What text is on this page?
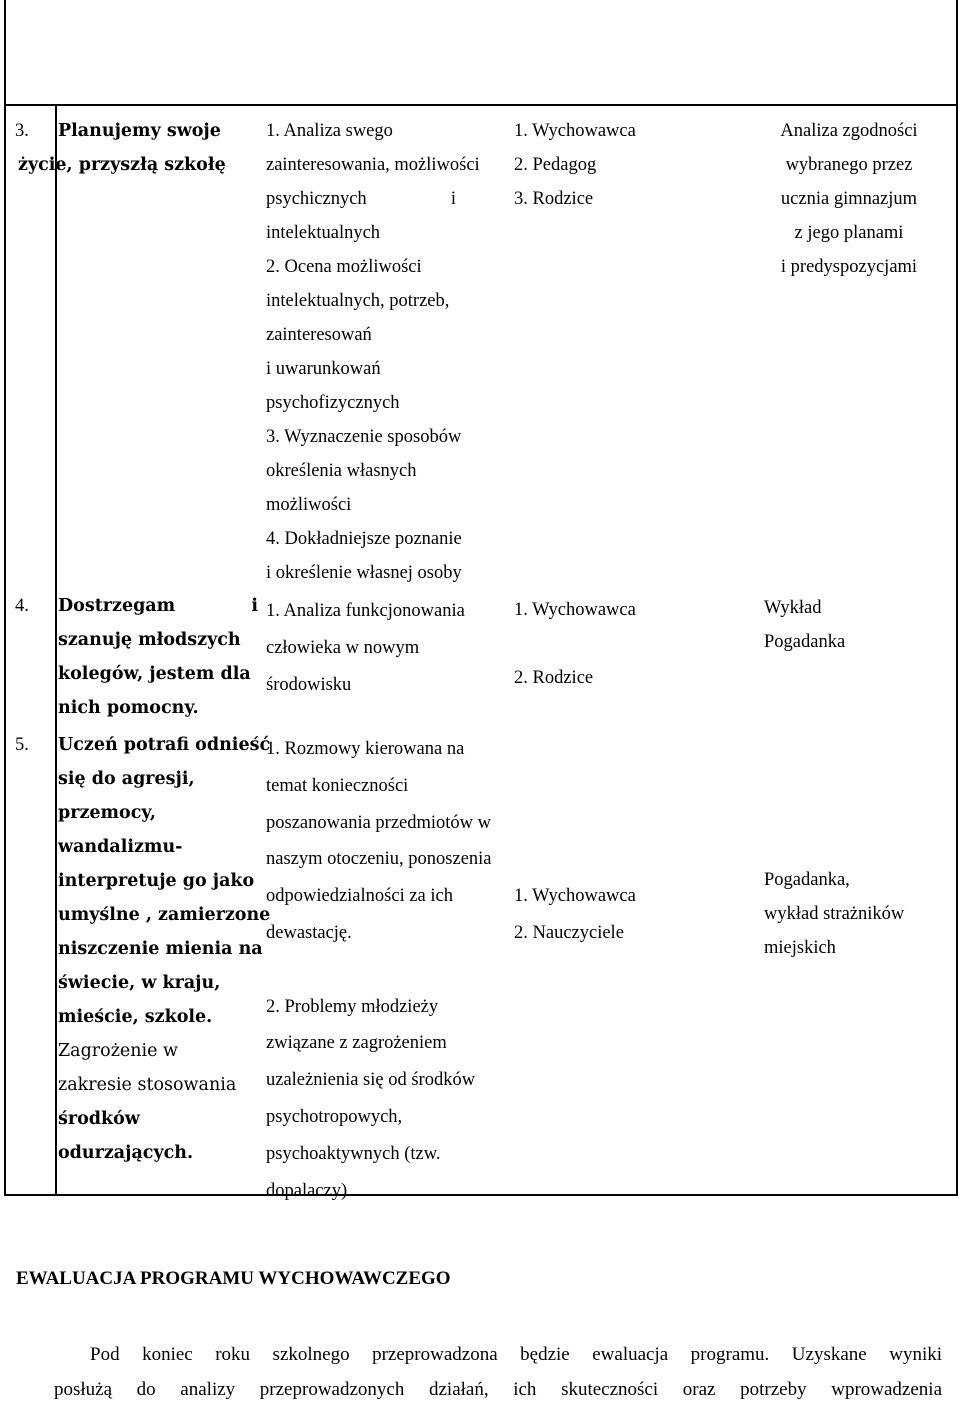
3. Planujemy swoje
życie, przyszłą szkołę
1. Analiza swego
zainteresowania, możliwości
psychicznych i
intelektualnych
2. Ocena możliwości
intelektualnych, potrzeb,
zainteresowań
i uwarunkowań
psychofizycznych
3. Wyznaczenie sposobów
określenia własnych
możliwości
4. Dokładniejsze poznanie
i określenie własnej osoby
1. Wychowawca
2. Pedagog
3. Rodzice
Analiza zgodności
wybranego przez
ucznia gimnazjum
z jego planami
i predyspozycjami
4. Dostrzegam i
szanuję młodszych
kolegów, jestem dla
nich pomocny.
1. Analiza funkcjonowania
człowieka w nowym
środowisku
1. Wychowawca

2. Rodzice
Wykład
Pogadanka
5. Uczeń potrafi odnieść
się do agresji,
przemocy,
wandalizmu-
interpretuje go jako
umyślne , zamierzone
niszczenie mienia na
świecie, w kraju,
mieście, szkole.
Zagrożenie w
zakresie stosowania
środków
odurzających.
1. Rozmowy kierowana na
temat konieczności
poszanowania przedmiotów w
naszym otoczeniu, ponoszenia
odpowiedzialności za ich
dewastację.

2. Problemy młodzieży
związane z zagrożeniem
uzależnienia się od środków
psychotropowych,
psychoaktywnych (tzw.
dopalaczy) .
1. Wychowawca
2. Nauczyciele
Pogadanka,
wykład strażników
miejskich
EWALUACJA PROGRAMU WYCHOWAWCZEGO
Pod koniec roku szkolnego przeprowadzona będzie ewaluacja programu. Uzyskane wyniki
posłużą do analizy przeprowadzonych działań, ich skuteczności oraz potrzeby wprowadzenia
